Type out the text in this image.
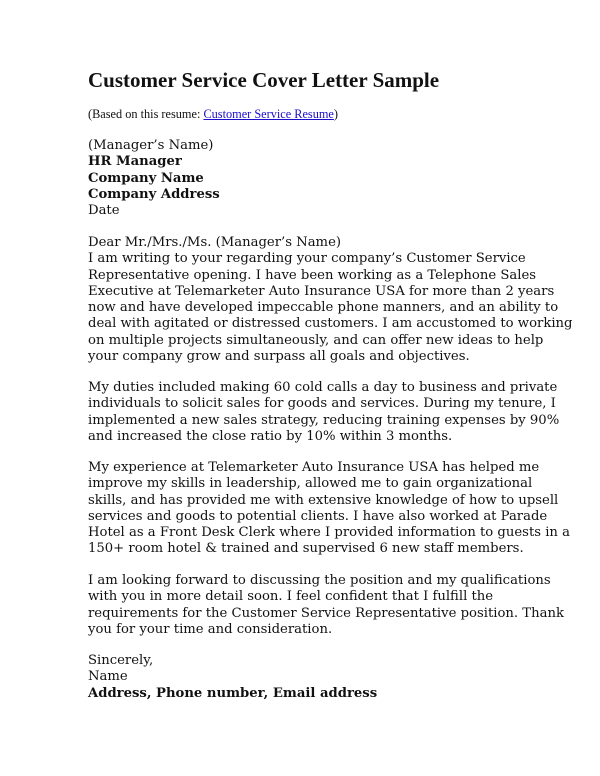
Customer Service Cover Letter Sample
(Based on this resume: Customer Service Resume)

(Manager’s Name)

HR Manager

Company Name

Company Address

Date

Dear Mr./Mrs./Ms. (Manager’s Name)

I am writing to your regarding your company’s Customer Service

Representative opening. I have been working as a Telephone Sales

Executive at Telemarketer Auto Insurance USA for more than 2 years

now and have developed impeccable phone manners, and an ability to

deal with agitated or distressed customers. I am accustomed to working

on multiple projects simultaneously, and can offer new ideas to help

your company grow and surpass all goals and objectives.

My duties included making 60 cold calls a day to business and private

individuals to solicit sales for goods and services. During my tenure, I

implemented a new sales strategy, reducing training expenses by 90%

and increased the close ratio by 10% within 3 months.

My experience at Telemarketer Auto Insurance USA has helped me

improve my skills in leadership, allowed me to gain organizational

skills, and has provided me with extensive knowledge of how to upsell

services and goods to potential clients. I have also worked at Parade

Hotel as a Front Desk Clerk where I provided information to guests in a

150+ room hotel & trained and supervised 6 new staff members.

I am looking forward to discussing the position and my qualifications

with you in more detail soon. I feel confident that I fulfill the

requirements for the Customer Service Representative position. Thank

you for your time and consideration.

Sincerely,

Name

Address, Phone number, Email address
